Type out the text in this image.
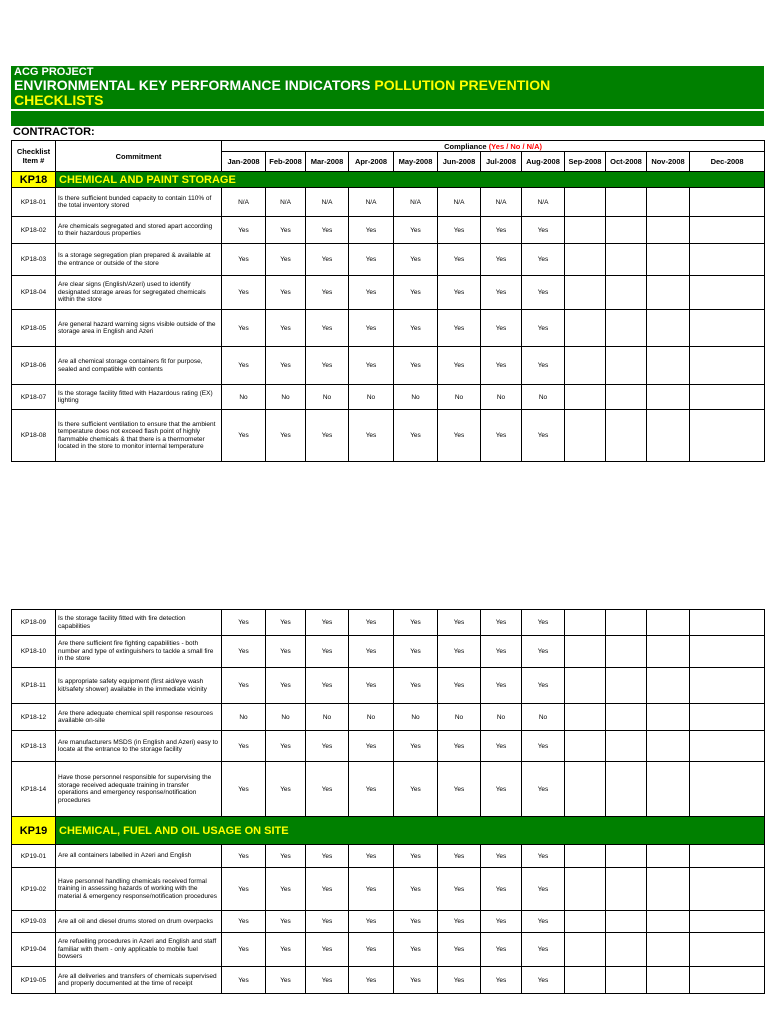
ACG PROJECT
ENVIRONMENTAL KEY PERFORMANCE INDICATORS POLLUTION PREVENTION
CHECKLISTS
CONTRACTOR:
Checklist Item #	Commitment	Compliance (Yes / No / N/A)											
		Jan-2008	Feb-2008	Mar-2008	Apr-2008	May-2008	Jun-2008	Jul-2008	Aug-2008	Sep-2008	Oct-2008	Nov-2008	Dec-2008
KP18	CHEMICAL AND PAINT STORAGE												
KP18-01	Is there sufficient bunded capacity to contain 110% of the total inventory stored	N/A	N/A	N/A	N/A	N/A	N/A	N/A	N/A				
KP18-02	Are chemicals segregated and stored apart according to their hazardous properties	Yes	Yes	Yes	Yes	Yes	Yes	Yes	Yes				
KP18-03	Is a storage segregation plan prepared & available at the entrance or outside of the store	Yes	Yes	Yes	Yes	Yes	Yes	Yes	Yes				
KP18-04	Are clear signs (English/Azeri) used to identify designated storage areas for segregated chemicals within the store	Yes	Yes	Yes	Yes	Yes	Yes	Yes	Yes				
KP18-05	Are general hazard warning signs visible outside of the storage area in English and Azeri	Yes	Yes	Yes	Yes	Yes	Yes	Yes	Yes				
KP18-06	Are all chemical storage containers fit for purpose, sealed and compatible with contents	Yes	Yes	Yes	Yes	Yes	Yes	Yes	Yes				
KP18-07	Is the storage facility fitted with Hazardous rating (EX) lighting	No	No	No	No	No	No	No	No				
KP18-08	Is there sufficient ventilation to ensure that the ambient temperature does not exceed flash point of highly flammable chemicals & that there is a thermometer located in the store to monitor internal temperature	Yes	Yes	Yes	Yes	Yes	Yes	Yes	Yes				
KP18-09	Is the storage facility fitted with fire detection capabilities	Yes	Yes	Yes	Yes	Yes	Yes	Yes	Yes				
KP18-10	Are there sufficient fire fighting capabilities - both number and type of extinguishers to tackle a small fire in the store	Yes	Yes	Yes	Yes	Yes	Yes	Yes	Yes				
KP18-11	Is appropriate safety equipment (first aid/eye wash kit/safety shower) available in the immediate vicinity	Yes	Yes	Yes	Yes	Yes	Yes	Yes	Yes				
KP18-12	Are there adequate chemical spill response resources available on-site	No	No	No	No	No	No	No	No				
KP18-13	Are manufacturers MSDS (in English and Azeri) easy to locate at the entrance to the storage facility	Yes	Yes	Yes	Yes	Yes	Yes	Yes	Yes				
KP18-14	Have those personnel responsible for supervising the storage received adequate training in transfer operations and emergency response/notification procedures	Yes	Yes	Yes	Yes	Yes	Yes	Yes	Yes				
KP19	CHEMICAL, FUEL AND OIL USAGE ON SITE												
KP19-01	Are all containers labelled in Azeri and English	Yes	Yes	Yes	Yes	Yes	Yes	Yes	Yes				
KP19-02	Have personnel handling chemicals received formal training in assessing hazards of working with the material & emergency response/notification procedures	Yes	Yes	Yes	Yes	Yes	Yes	Yes	Yes				
KP19-03	Are all oil and diesel drums stored on drum overpacks	Yes	Yes	Yes	Yes	Yes	Yes	Yes	Yes				
KP19-04	Are refuelling procedures in Azeri and English and staff familiar with them - only applicable to mobile fuel bowsers	Yes	Yes	Yes	Yes	Yes	Yes	Yes	Yes				
KP19-05	Are all deliveries and transfers of chemicals supervised and properly documented at the time of receipt	Yes	Yes	Yes	Yes	Yes	Yes	Yes	Yes				
